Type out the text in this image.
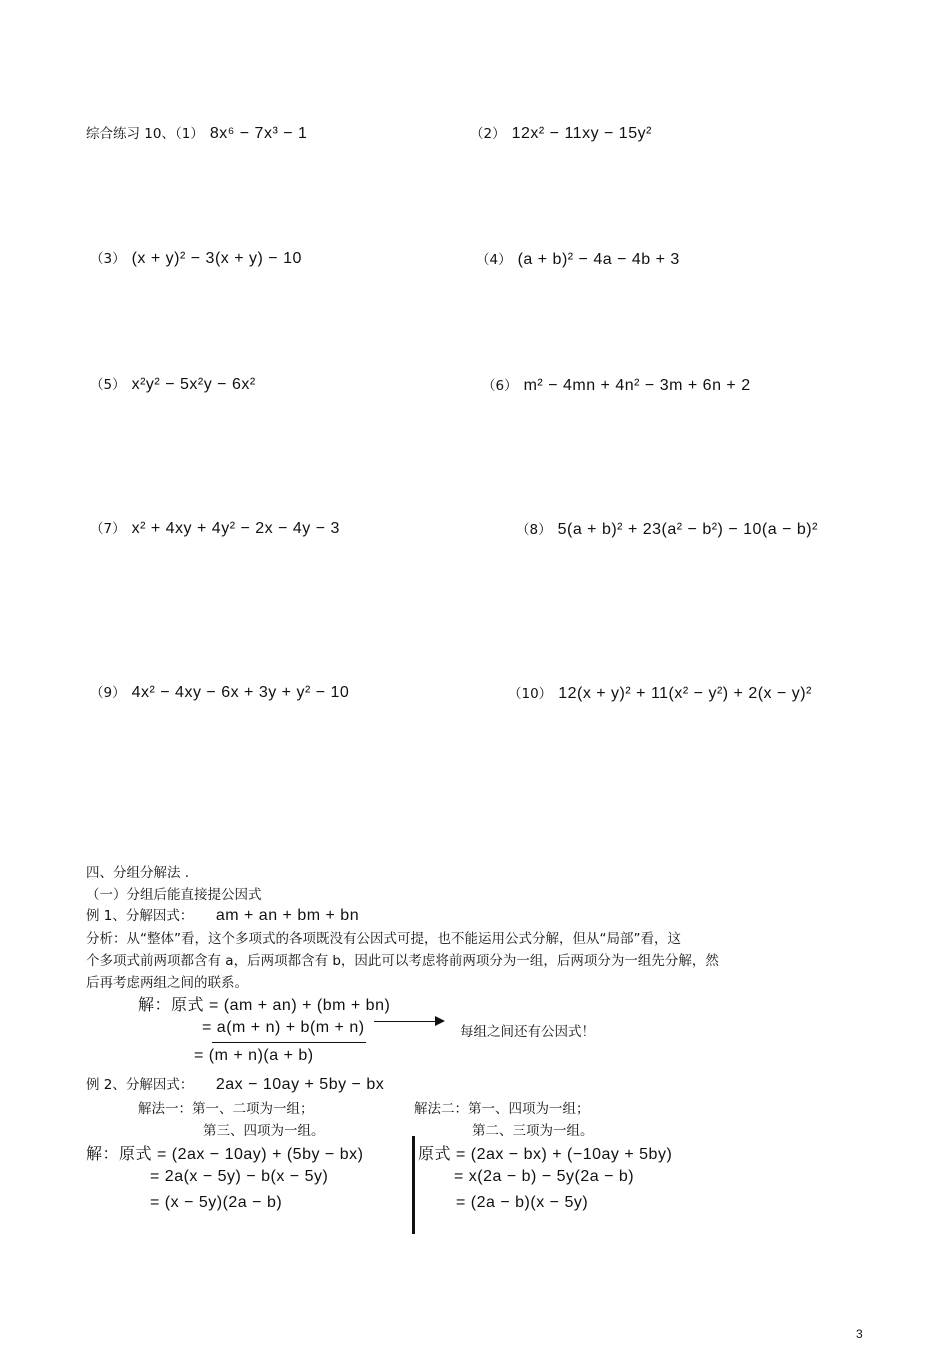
综合练习 10、（1） 8x⁶ − 7x³ − 1	（2） 12x² − 11xy − 15y²
（3） (x + y)² − 3(x + y) − 10	（4） (a + b)² − 4a − 4b + 3
（5） x²y² − 5x²y − 6x²	（6） m² − 4mn + 4n² − 3m + 6n + 2
（7） x² + 4xy + 4y² − 2x − 4y − 3	（8） 5(a + b)² + 23(a² − b²) − 10(a − b)²
（9） 4x² − 4xy − 6x + 3y + y² − 10	（10） 12(x + y)² + 11(x² − y²) + 2(x − y)²
四、分组分解法 .
（一）分组后能直接提公因式
例 1、分解因式： am + an + bm + bn
分析：从“整体”看，这个多项式的各项既没有公因式可提，也不能运用公式分解，但从“局部”看，这
个多项式前两项都含有 a，后两项都含有 b，因此可以考虑将前两项分为一组，后两项分为一组先分解，然
后再考虑两组之间的联系。
解：原式 = (am + an) + (bm + bn)
= a(m + n) + b(m + n)	每组之间还有公因式！
= (m + n)(a + b)
例 2、分解因式： 2ax − 10ay + 5by − bx
解法一：第一、二项为一组；
第三、四项为一组。
解法二：第一、四项为一组；
第二、三项为一组。
解：原式 = (2ax − 10ay) + (5by − bx)
= 2a(x − 5y) − b(x − 5y)
= (x − 5y)(2a − b)
原式 = (2ax − bx) + (−10ay + 5by)
= x(2a − b) − 5y(2a − b)
= (2a − b)(x − 5y)
3
